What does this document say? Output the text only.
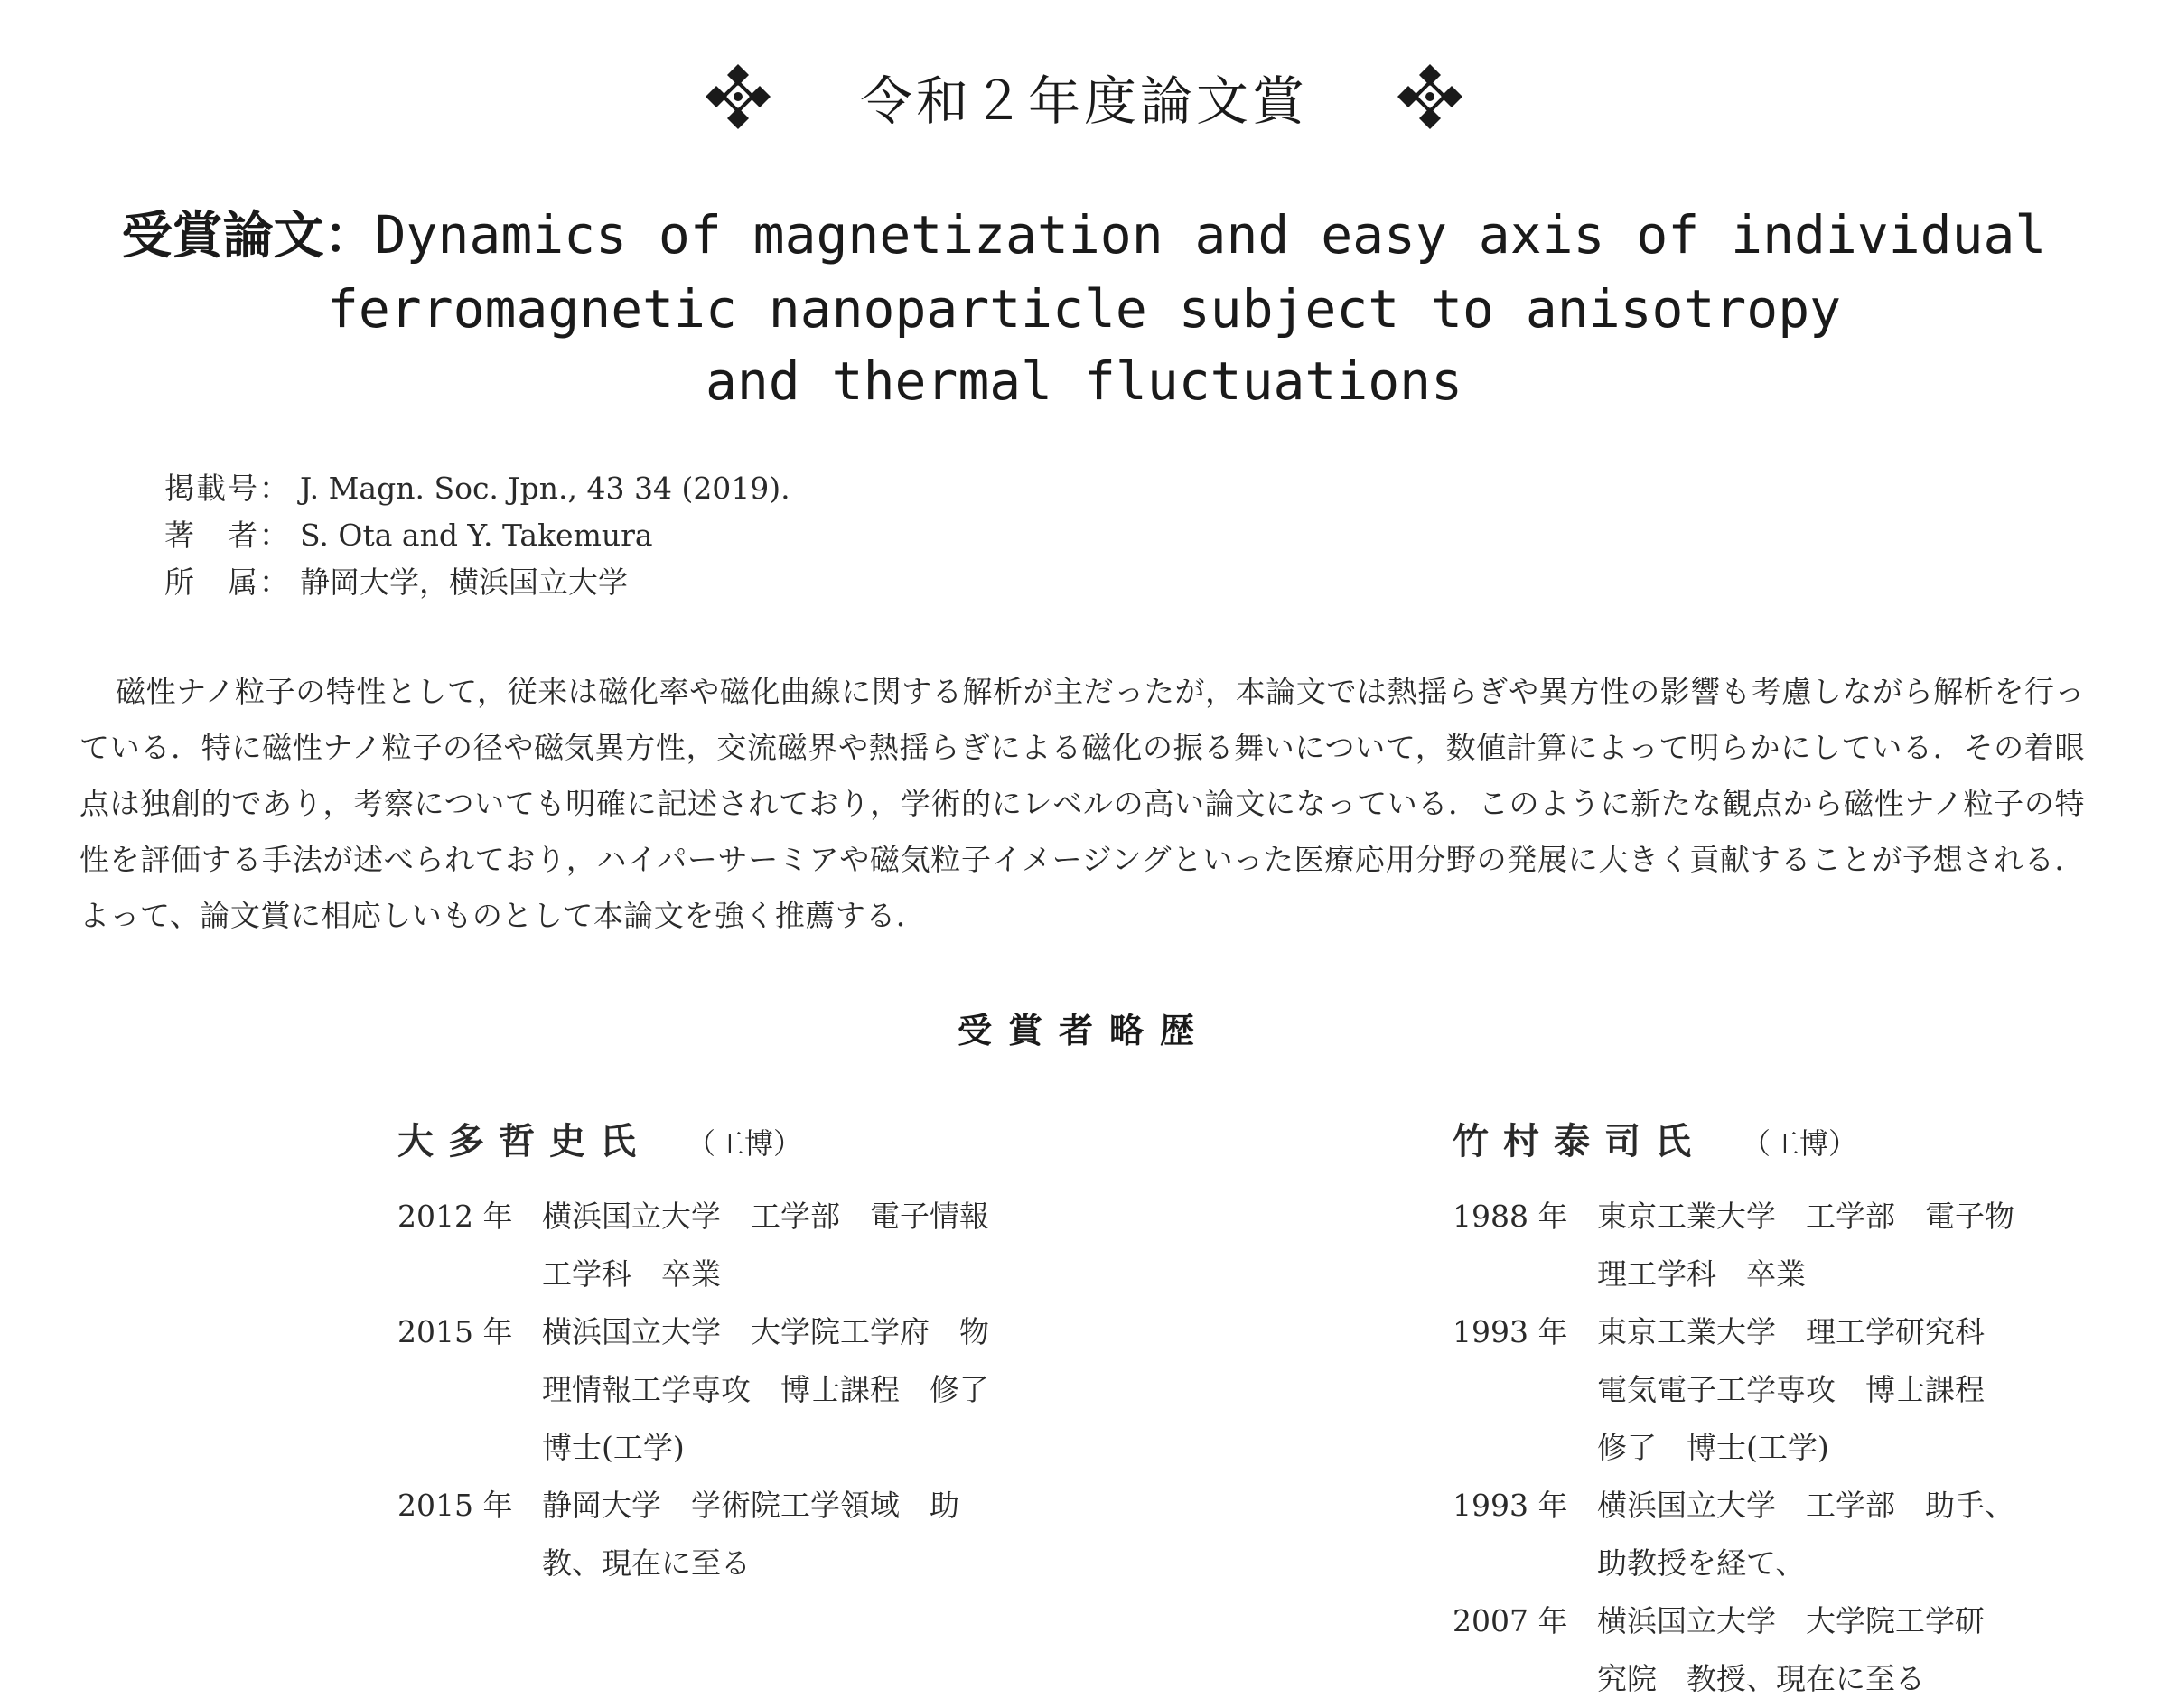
令和２年度論文賞
受賞論文：Dynamics of magnetization and easy axis of individual
ferromagnetic nanoparticle subject to anisotropy
and thermal fluctuations
掲載号： J. Magn. Soc. Jpn., 43 34 (2019).
著　者： S. Ota and Y. Takemura
所　属： 静岡大学，横浜国立大学
磁性ナノ粒子の特性として，従来は磁化率や磁化曲線に関する解析が主だったが，本論文では熱揺らぎや異方性の影響も考慮しながら解析を行っている．特に磁性ナノ粒子の径や磁気異方性，交流磁界や熱揺らぎによる磁化の振る舞いについて，数値計算によって明らかにしている．その着眼点は独創的であり，考察についても明確に記述されており，学術的にレベルの高い論文になっている．このように新たな観点から磁性ナノ粒子の特性を評価する手法が述べられており，ハイパーサーミアや磁気粒子イメージングといった医療応用分野の発展に大きく貢献することが予想される．よって、論文賞に相応しいものとして本論文を強く推薦する．
受賞者略歴
大多哲史氏 （工博）
2012 年 横浜国立大学　工学部　電子情報
工学科　卒業
2015 年 横浜国立大学　大学院工学府　物
理情報工学専攻　博士課程　修了
博士(工学)
2015 年 静岡大学　学術院工学領域　助
教、現在に至る
竹村泰司氏 （工博）
1988 年 東京工業大学　工学部　電子物
理工学科　卒業
1993 年 東京工業大学　理工学研究科
電気電子工学専攻　博士課程
修了　博士(工学)
1993 年 横浜国立大学　工学部　助手、
助教授を経て、
2007 年 横浜国立大学　大学院工学研
究院　教授、現在に至る
